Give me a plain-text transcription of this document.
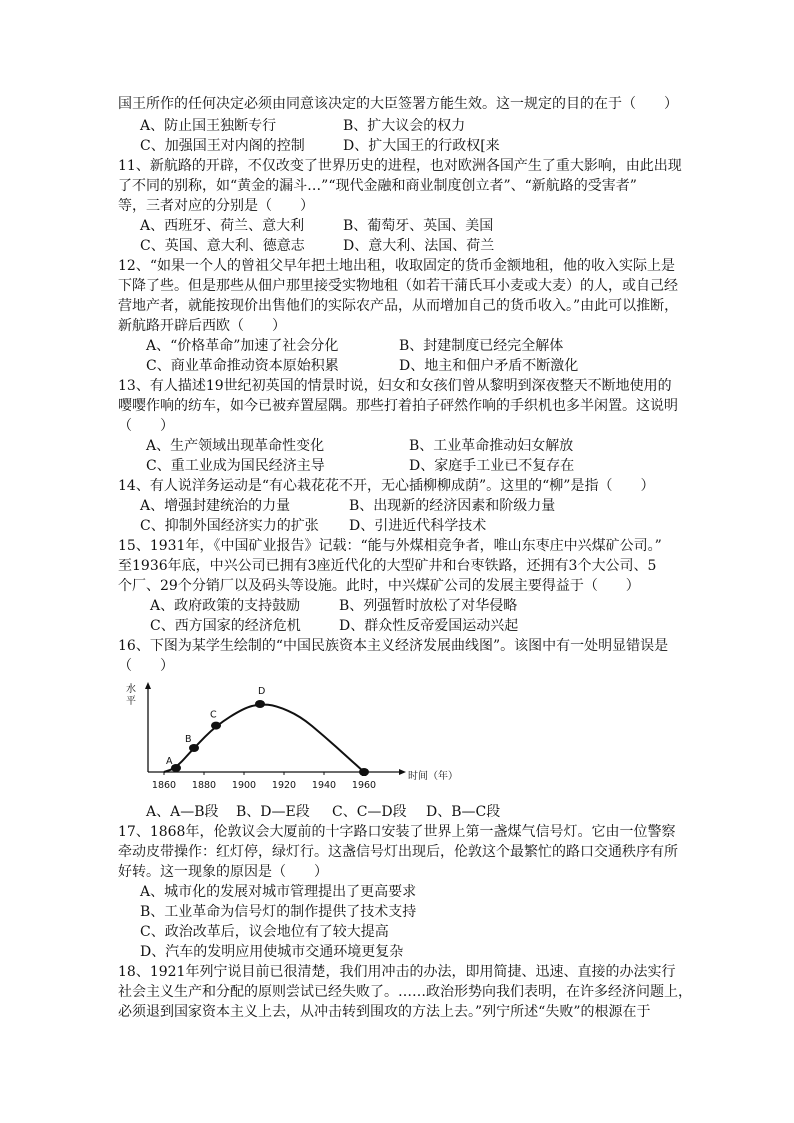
国王所作的任何决定必须由同意该决定的大臣签署方能生效。这一规定的目的在于（　　）
A、防止国王独断专行	B、扩大议会的权力
C、加强国王对内阁的控制	D、扩大国王的行政权[来
11、新航路的开辟，不仅改变了世界历史的进程，也对欧洲各国产生了重大影响，由此出现
了不同的别称，如“黄金的漏斗…”“现代金融和商业制度创立者”、“新航路的受害者”
等，三者对应的分别是（　　）
A、西班牙、荷兰、意大利	B、葡萄牙、英国、美国
C、英国、意大利、德意志	D、意大利、法国、荷兰
12、“如果一个人的曾祖父早年把土地出租，收取固定的货币金额地租，他的收入实际上是
下降了些。但是那些从佃户那里接受实物地租（如若干蒲氏耳小麦或大麦）的人，或自己经
营地产者，就能按现价出售他们的实际农产品，从而增加自己的货币收入。”由此可以推断，
新航路开辟后西欧（　　）
A、“价格革命”加速了社会分化	B、封建制度已经完全解体
C、商业革命推动资本原始积累	D、地主和佃户矛盾不断激化
13、有人描述19世纪初英国的情景时说，妇女和女孩们曾从黎明到深夜整天不断地使用的
嘤嘤作响的纺车，如今已被弃置屋隅。那些打着拍子砰然作响的手织机也多半闲置。这说明
（　　）
A、生产领域出现革命性变化	B、工业革命推动妇女解放
C、重工业成为国民经济主导	D、家庭手工业已不复存在
14、有人说洋务运动是“有心栽花花不开，无心插柳柳成荫”。这里的“柳”是指（　　）
A、增强封建统治的力量	B、出现新的经济因素和阶级力量
C、抑制外国经济实力的扩张 D、引进近代科学技术
15、1931年，《中国矿业报告》记载：“能与外煤相竞争者，唯山东枣庄中兴煤矿公司。”
至1936年底，中兴公司已拥有3座近代化的大型矿井和台枣铁路，还拥有3个大公司、5
个厂、29个分销厂以及码头等设施。此时，中兴煤矿公司的发展主要得益于（　　）
A、政府政策的支持鼓励	B、列强暂时放松了对华侵略
C、西方国家的经济危机	D、群众性反帝爱国运动兴起
16、下图为某学生绘制的“中国民族资本主义经济发展曲线图”。该图中有一处明显错误是
（　　）
水平
时间（年）
1860 1880 1900 1920 1940 1960
A
B
C
D
E
A、A—B段 B、D—E段 C、C—D段 D、B—C段
17、1868年，伦敦议会大厦前的十字路口安装了世界上第一盏煤气信号灯。它由一位警察
牵动皮带操作：红灯停，绿灯行。这盏信号灯出现后，伦敦这个最繁忙的路口交通秩序有所
好转。这一现象的原因是（　　）
A、城市化的发展对城市管理提出了更高要求
B、工业革命为信号灯的制作提供了技术支持
C、政治改革后，议会地位有了较大提高
D、汽车的发明应用使城市交通环境更复杂
18、1921年列宁说目前已很清楚，我们用冲击的办法，即用简捷、迅速、直接的办法实行
社会主义生产和分配的原则尝试已经失败了。……政治形势向我们表明，在许多经济问题上，
必须退到国家资本主义上去，从冲击转到围攻的方法上去。”列宁所述“失败”的根源在于
